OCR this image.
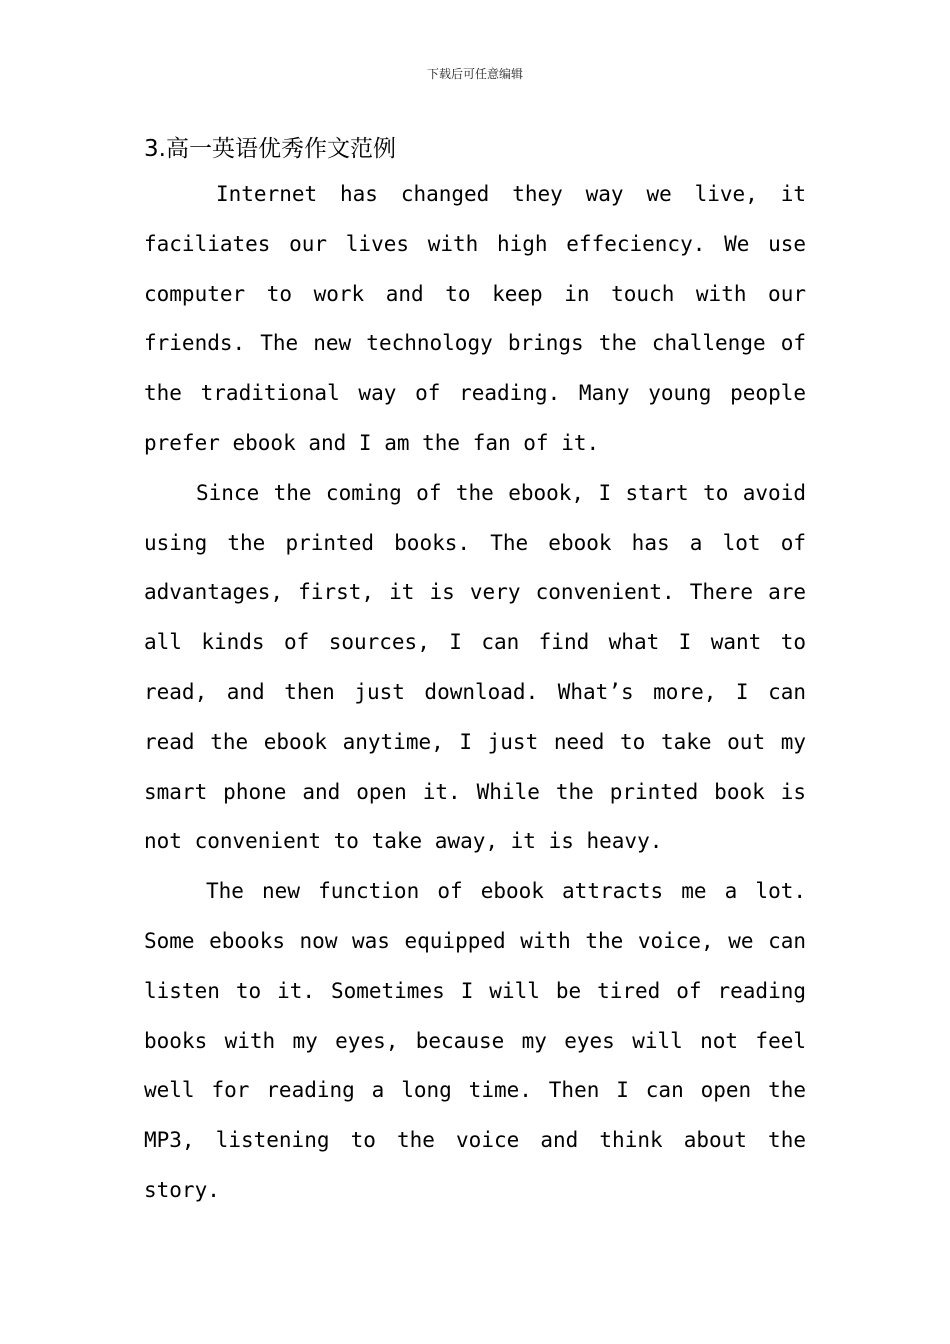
下载后可任意编辑
3.高一英语优秀作文范例

Internet has changed they way we live, it faciliates our lives with high effeciency. We use computer to work and to keep in touch with our friends. The new technology brings the challenge of the traditional way of reading. Many young people prefer ebook and I am the fan of it.

Since the coming of the ebook, I start to avoid using the printed books. The ebook has a lot of advantages, first, it is very convenient. There are all kinds of sources, I can find what I want to read, and then just download. What’s more, I can read the ebook anytime, I just need to take out my smart phone and open it. While the printed book is not convenient to take away, it is heavy.

The new function of ebook attracts me a lot. Some ebooks now was equipped with the voice, we can listen to it. Sometimes I will be tired of reading books with my eyes, because my eyes will not feel well for reading a long time. Then I can open the MP3, listening to the voice and think about the story.
